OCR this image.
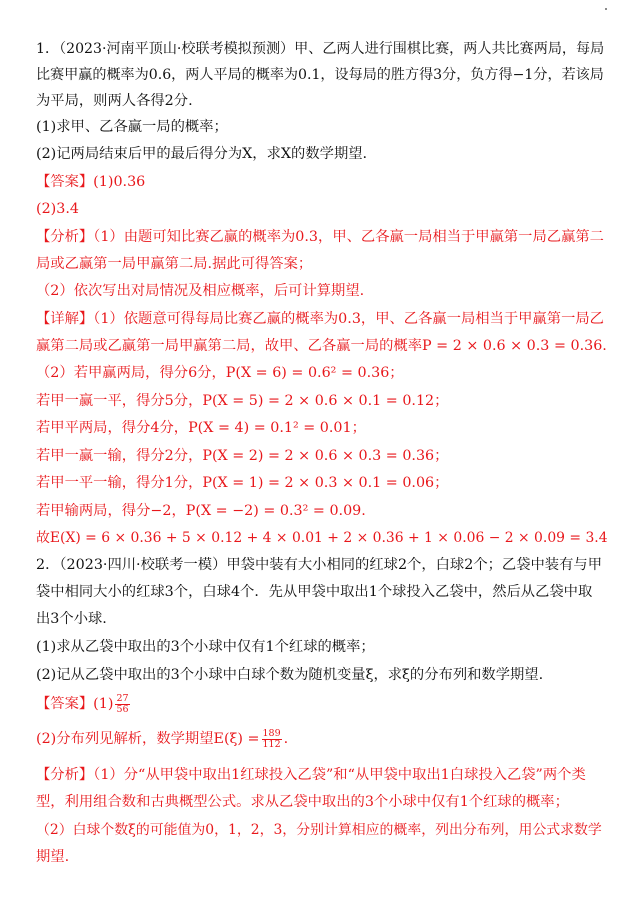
1．（2023·河南平顶山·校联考模拟预测）甲、乙两人进行围棋比赛，两人共比赛两局，每局
比赛甲赢的概率为0.6，两人平局的概率为0.1，设每局的胜方得3分，负方得−1分，若该局
为平局，则两人各得2分.
(1)求甲、乙各赢一局的概率；
(2)记两局结束后甲的最后得分为X，求X的数学期望.
【答案】(1)0.36
(2)3.4
【分析】（1）由题可知比赛乙赢的概率为0.3，甲、乙各赢一局相当于甲赢第一局乙赢第二
局或乙赢第一局甲赢第二局.据此可得答案；
（2）依次写出对局情况及相应概率，后可计算期望.
【详解】（1）依题意可得每局比赛乙赢的概率为0.3，甲、乙各赢一局相当于甲赢第一局乙
赢第二局或乙赢第一局甲赢第二局，故甲、乙各赢一局的概率P = 2 × 0.6 × 0.3 = 0.36.
（2）若甲赢两局，得分6分，P(X = 6) = 0.6² = 0.36；
若甲一赢一平，得分5分，P(X = 5) = 2 × 0.6 × 0.1 = 0.12；
若甲平两局，得分4分，P(X = 4) = 0.1² = 0.01；
若甲一赢一输，得分2分，P(X = 2) = 2 × 0.6 × 0.3 = 0.36；
若甲一平一输，得分1分，P(X = 1) = 2 × 0.3 × 0.1 = 0.06；
若甲输两局，得分−2，P(X = −2) = 0.3² = 0.09.
故E(X) = 6 × 0.36 + 5 × 0.12 + 4 × 0.01 + 2 × 0.36 + 1 × 0.06 − 2 × 0.09 = 3.4
2．（2023·四川·校联考一模）甲袋中装有大小相同的红球2个，白球2个；乙袋中装有与甲
袋中相同大小的红球3个，白球4个．先从甲袋中取出1个球投入乙袋中，然后从乙袋中取
出3个小球.
(1)求从乙袋中取出的3个小球中仅有1个红球的概率；
(2)记从乙袋中取出的3个小球中白球个数为随机变量ξ，求ξ的分布列和数学期望.
【答案】$(1) \frac{27}{56}$
(2)分布列见解析，数学期望$E(\xi) = \frac{189}{112}$ .
【分析】（1）分“从甲袋中取出1红球投入乙袋”和“从甲袋中取出1白球投入乙袋”两个类
型，利用组合数和古典概型公式。求从乙袋中取出的3个小球中仅有1个红球的概率；
（2）白球个数ξ的可能值为0，1，2，3，分别计算相应的概率，列出分布列，用公式求数学
期望.
